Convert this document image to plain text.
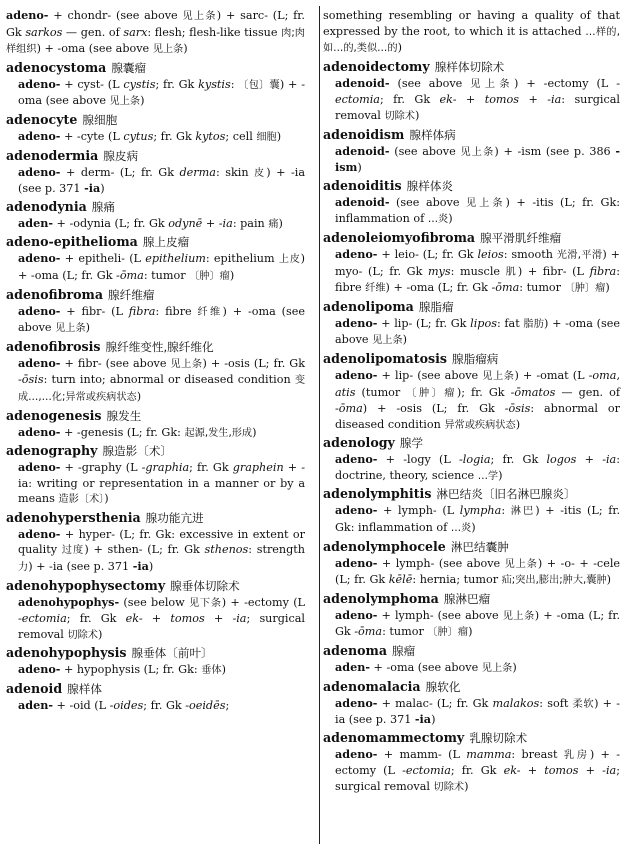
adeno- + chondr- (see above 见上条) + sarc- (L; fr. Gk sarkos — gen. of sarx: flesh; flesh-like tissue 肉;肉样组织) + -oma (see above 见上条)
adenocystoma 腺囊瘤
adeno- + cyst- (L cystis; fr. Gk kystis: 〔包〕囊) + -oma (see above 见上条)
adenocyte 腺细胞
adeno- + -cyte (L cytus; fr. Gk kytos; cell 细胞)
adenodermia 腺皮病
adeno- + derm- (L; fr. Gk derma: skin 皮) + -ia (see p. 371 -ia)
adenodynia 腺痛
aden- + -odynia (L; fr. Gk odynē + -ia: pain 痛)
adeno-epithelioma 腺上皮瘤
adeno- + epitheli- (L epithelium: epithelium 上皮) + -oma (L; fr. Gk -ōma: tumor 〔肿〕瘤)
adenofibroma 腺纤维瘤
adeno- + fibr- (L fibra: fibre 纤维) + -oma (see above 见上条)
adenofibrosis 腺纤维变性,腺纤维化
adeno- + fibr- (see above 见上条) + -osis (L; fr. Gk -ōsis: turn into; abnormal or diseased condition 变成…,…化;异常或疾病状态)
adenogenesis 腺发生
adeno- + -genesis (L; fr. Gk: 起源,发生,形成)
adenography 腺造影〔术〕
adeno- + -graphy (L -graphia; fr. Gk graphein + -ia: writing or representation in a manner or by a means 造影〔术〕)
adenohypersthenia 腺功能亢进
adeno- + hyper- (L; fr. Gk: excessive in extent or quality 过度) + sthen- (L; fr. Gk sthenos: strength 力) + -ia (see p. 371 -ia)
adenohypophysectomy 腺垂体切除术
adenohypophys- (see below 见下条) + -ectomy (L -ectomia; fr. Gk ek- + tomos + -ia; surgical removal 切除术)
adenohypophysis 腺垂体〔前叶〕
adeno- + hypophysis (L; fr. Gk: 垂体)
adenoid 腺样体
aden- + -oid (L -oides; fr. Gk -oeidēs;
something resembling or having a quality of that expressed by the root, to which it is attached …样的,如…的,类似…的)
adenoidectomy 腺样体切除术
adenoid- (see above 见上条) + -ectomy (L -ectomia; fr. Gk ek- + tomos + -ia: surgical removal 切除术)
adenoidism 腺样体病
adenoid- (see above 见上条) + -ism (see p. 386 -ism)
adenoiditis 腺样体炎
adenoid- (see above 见上条) + -itis (L; fr. Gk: inflammation of …炎)
adenoleiomyofibroma 腺平滑肌纤维瘤
adeno- + leio- (L; fr. Gk leios: smooth 光滑,平滑) + myo- (L; fr. Gk mys: muscle 肌) + fibr- (L fibra: fibre 纤维) + -oma (L; fr. Gk -ōma: tumor 〔肿〕瘤)
adenolipoma 腺脂瘤
adeno- + lip- (L; fr. Gk lipos: fat 脂肪) + -oma (see above 见上条)
adenolipomatosis 腺脂瘤病
adeno- + lip- (see above 见上条) + -omat (L -oma, atis (tumor 〔肿〕瘤); fr. Gk -ōmatos — gen. of -ōma) + -osis (L; fr. Gk -ōsis: abnormal or diseased condition 异常或疾病状态)
adenology 腺学
adeno- + -logy (L -logia; fr. Gk logos + -ia: doctrine, theory, science …学)
adenolymphitis 淋巴结炎〔旧名淋巴腺炎〕
adeno- + lymph- (L lympha: 淋巴) + -itis (L; fr. Gk: inflammation of …炎)
adenolymphocele 淋巴结囊肿
adeno- + lymph- (see above 见上条) + -o- + -cele (L; fr. Gk kēlē: hernia; tumor 疝;突出,膨出;肿大,囊肿)
adenolymphoma 腺淋巴瘤
adeno- + lymph- (see above 见上条) + -oma (L; fr. Gk -ōma: tumor 〔肿〕瘤)
adenoma 腺瘤
aden- + -oma (see above 见上条)
adenomalacia 腺软化
adeno- + malac- (L; fr. Gk malakos: soft 柔软) + -ia (see p. 371 -ia)
adenomammectomy 乳腺切除术
adeno- + mamm- (L mamma: breast 乳房) + -ectomy (L -ectomia; fr. Gk ek- + tomos + -ia; surgical removal 切除术)
